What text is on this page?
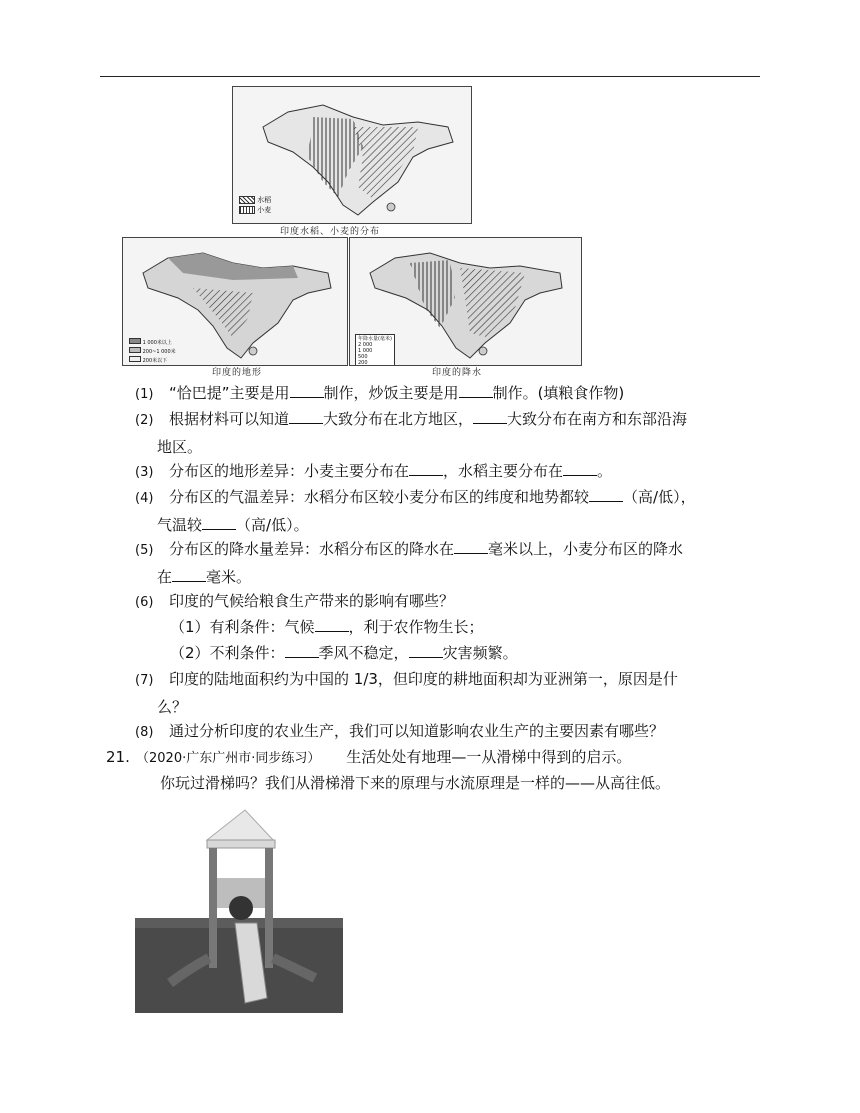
水稻
小麦
印度水稻、小麦的分布
1 000米以上
200~1 000米
200米以下
印度的地形
年降水量(毫米)
2 000
1 000
500
200
印度的降水
(1) “恰巴提”主要是用 制作，炒饭主要是用 制作。(填粮食作物)
(2) 根据材料可以知道 大致分布在北方地区， 大致分布在南方和东部沿海
地区。
(3) 分布区的地形差异：小麦主要分布在 ，水稻主要分布在 。
(4) 分布区的气温差异：水稻分布区较小麦分布区的纬度和地势都较 （高/低），
气温较 （高/低）。
(5) 分布区的降水量差异：水稻分布区的降水在 毫米以上，小麦分布区的降水
在 毫米。
(6) 印度的气候给粮食生产带来的影响有哪些？
（1）有利条件：气候 ，利于农作物生长；
（2）不利条件： 季风不稳定， 灾害频繁。
(7) 印度的陆地面积约为中国的 1/3，但印度的耕地面积却为亚洲第一，原因是什
么？
(8) 通过分析印度的农业生产，我们可以知道影响农业生产的主要因素有哪些？
21. （2020·广东广州市·同步练习） 生活处处有地理—一从滑梯中得到的启示。
你玩过滑梯吗？我们从滑梯滑下来的原理与水流原理是一样的——从高往低。
